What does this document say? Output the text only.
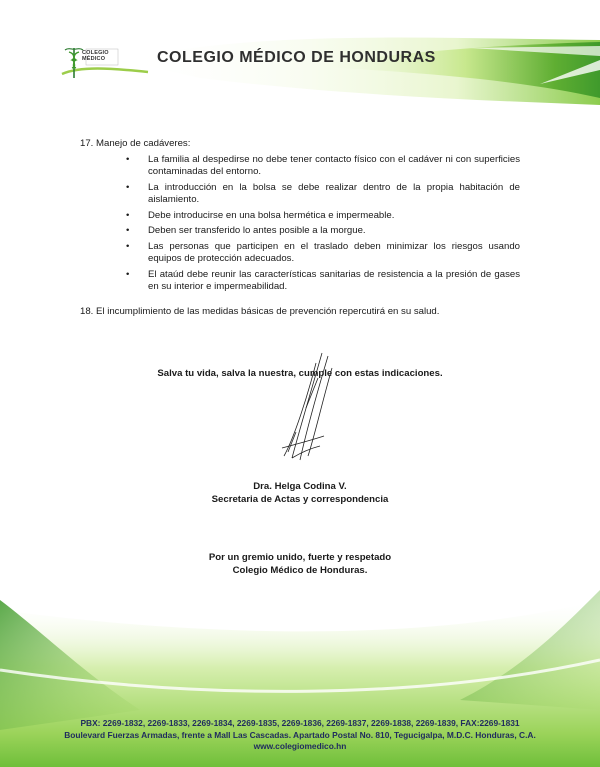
COLEGIO
MÉDICO	COLEGIO MÉDICO DE HONDURAS
17. Manejo de cadáveres:
• La familia al despedirse no debe tener contacto físico con el cadáver ni con superficies contaminadas del entorno.
• La introducción en la bolsa se debe realizar dentro de la propia habitación de aislamiento.
• Debe introducirse en una bolsa hermética e impermeable.
• Deben ser transferido lo antes posible a la morgue.
• Las personas que participen en el traslado deben minimizar los riesgos usando equipos de protección adecuados.
• El ataúd debe reunir las características sanitarias de resistencia a la presión de gases en su interior e impermeabilidad.
18. El incumplimiento de las medidas básicas de prevención repercutirá en su salud.
Salva tu vida, salva la nuestra, cumple con estas indicaciones.
Dra. Helga Codina V.
Secretaria de Actas y correspondencia
Por un gremio unido, fuerte y respetado
Colegio Médico de Honduras.
PBX: 2269-1832, 2269-1833, 2269-1834, 2269-1835, 2269-1836, 2269-1837, 2269-1838, 2269-1839, FAX:2269-1831
Boulevard Fuerzas Armadas, frente a Mall Las Cascadas. Apartado Postal No. 810, Tegucigalpa, M.D.C. Honduras, C.A.
www.colegiomedico.hn
